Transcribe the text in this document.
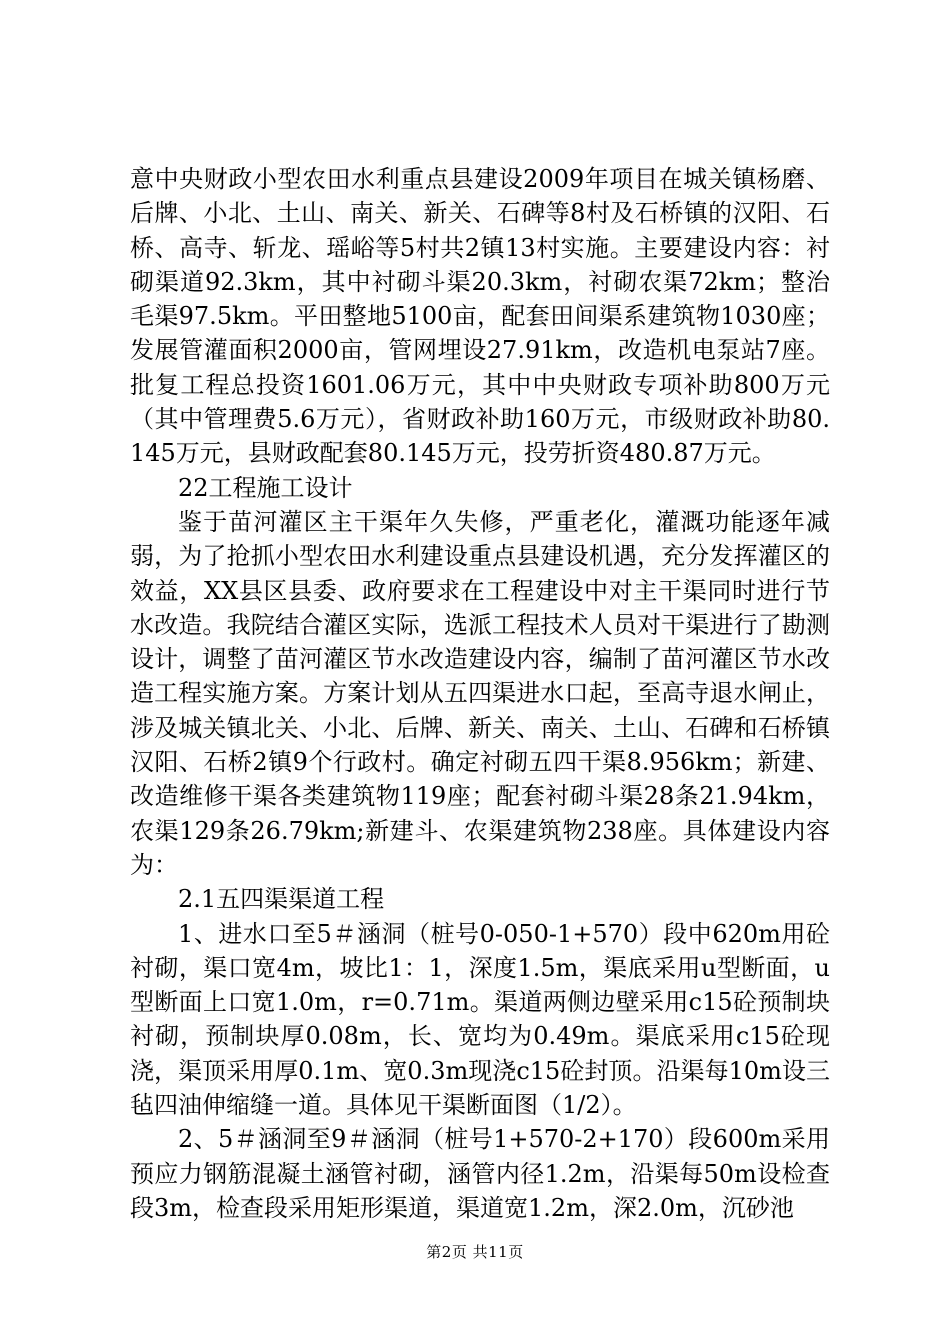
意中央财政小型农田水利重点县建设2009年项目在城关镇杨磨、后牌、小北、土山、南关、新关、石碑等8村及石桥镇的汉阳、石桥、高寺、斩龙、瑶峪等5村共2镇13村实施。主要建设内容：衬砌渠道92.3km，其中衬砌斗渠20.3km，衬砌农渠72km；整治毛渠97.5km。平田整地5100亩，配套田间渠系建筑物1030座；发展管灌面积2000亩，管网埋设27.91km，改造机电泵站7座。批复工程总投资1601.06万元，其中中央财政专项补助800万元（其中管理费5.6万元），省财政补助160万元，市级财政补助80.145万元，县财政配套80.145万元，投劳折资480.87万元。

22工程施工设计

鉴于苗河灌区主干渠年久失修，严重老化，灌溉功能逐年减弱，为了抢抓小型农田水利建设重点县建设机遇，充分发挥灌区的效益，XX县区县委、政府要求在工程建设中对主干渠同时进行节水改造。我院结合灌区实际，选派工程技术人员对干渠进行了勘测设计，调整了苗河灌区节水改造建设内容，编制了苗河灌区节水改造工程实施方案。方案计划从五四渠进水口起，至高寺退水闸止，涉及城关镇北关、小北、后牌、新关、南关、土山、石碑和石桥镇汉阳、石桥2镇9个行政村。确定衬砌五四干渠8.956km；新建、改造维修干渠各类建筑物119座；配套衬砌斗渠28条21.94km，农渠129条26.79km;新建斗、农渠建筑物238座。具体建设内容为：

2.1五四渠渠道工程

1、进水口至5＃涵洞（桩号0-050-1+570）段中620m用砼衬砌，渠口宽4m，坡比1：1，深度1.5m，渠底采用u型断面，u型断面上口宽1.0m，r=0.71m。渠道两侧边壁采用c15砼预制块衬砌，预制块厚0.08m，长、宽均为0.49m。渠底采用c15砼现浇，渠顶采用厚0.1m、宽0.3m现浇c15砼封顶。沿渠每10m设三毡四油伸缩缝一道。具体见干渠断面图（1/2）。

2、5＃涵洞至9＃涵洞（桩号1+570-2+170）段600m采用预应力钢筋混凝土涵管衬砌，涵管内径1.2m，沿渠每50m设检查段3m，检查段采用矩形渠道，渠道宽1.2m，深2.0m，沉砂池

第2页 共11页
